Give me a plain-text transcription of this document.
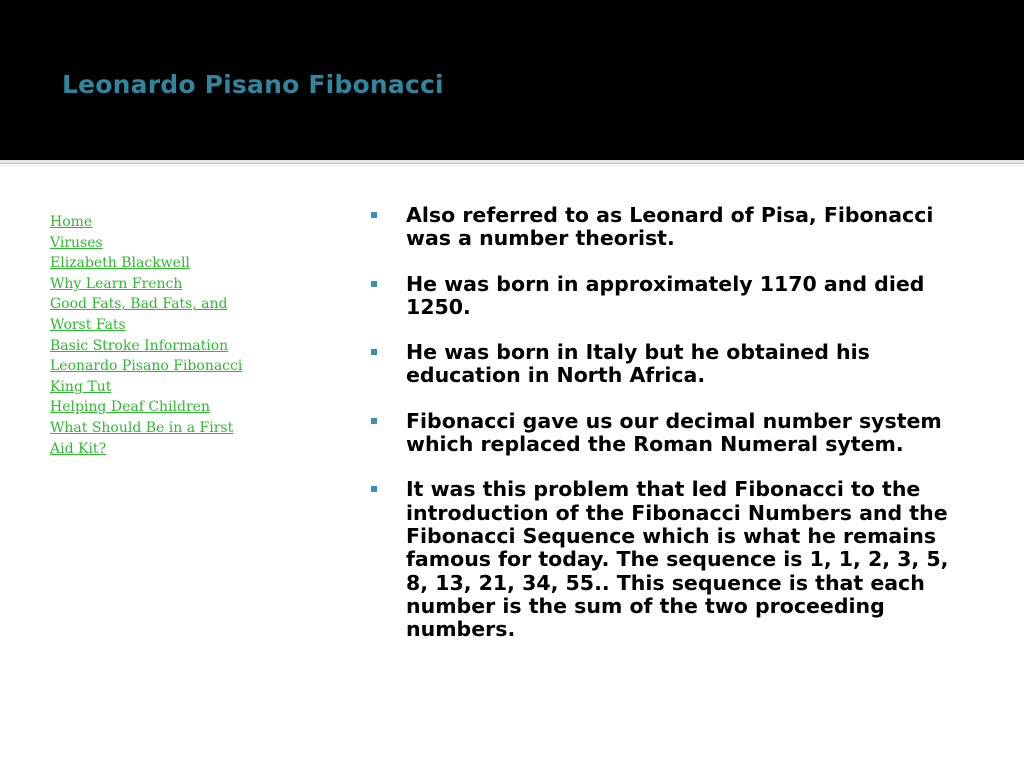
Leonardo Pisano Fibonacci
Home
Viruses
Elizabeth Blackwell
Why Learn French
Good Fats, Bad Fats, and Worst Fats
Basic Stroke Information
Leonardo Pisano Fibonacci
King Tut
Helping Deaf Children
What Should Be in a First Aid Kit?
Also referred to as Leonard of Pisa, Fibonacci was a number theorist.
He was born in approximately 1170 and died 1250.
He was born in Italy but he obtained his education in North Africa.
Fibonacci gave us our decimal number system which replaced the Roman Numeral sytem.
It was this problem that led Fibonacci to the introduction of the Fibonacci Numbers and the Fibonacci Sequence which is what he remains famous for today. The sequence is 1, 1, 2, 3, 5, 8, 13, 21, 34, 55.. This sequence is that each number is the sum of the two proceeding numbers.
